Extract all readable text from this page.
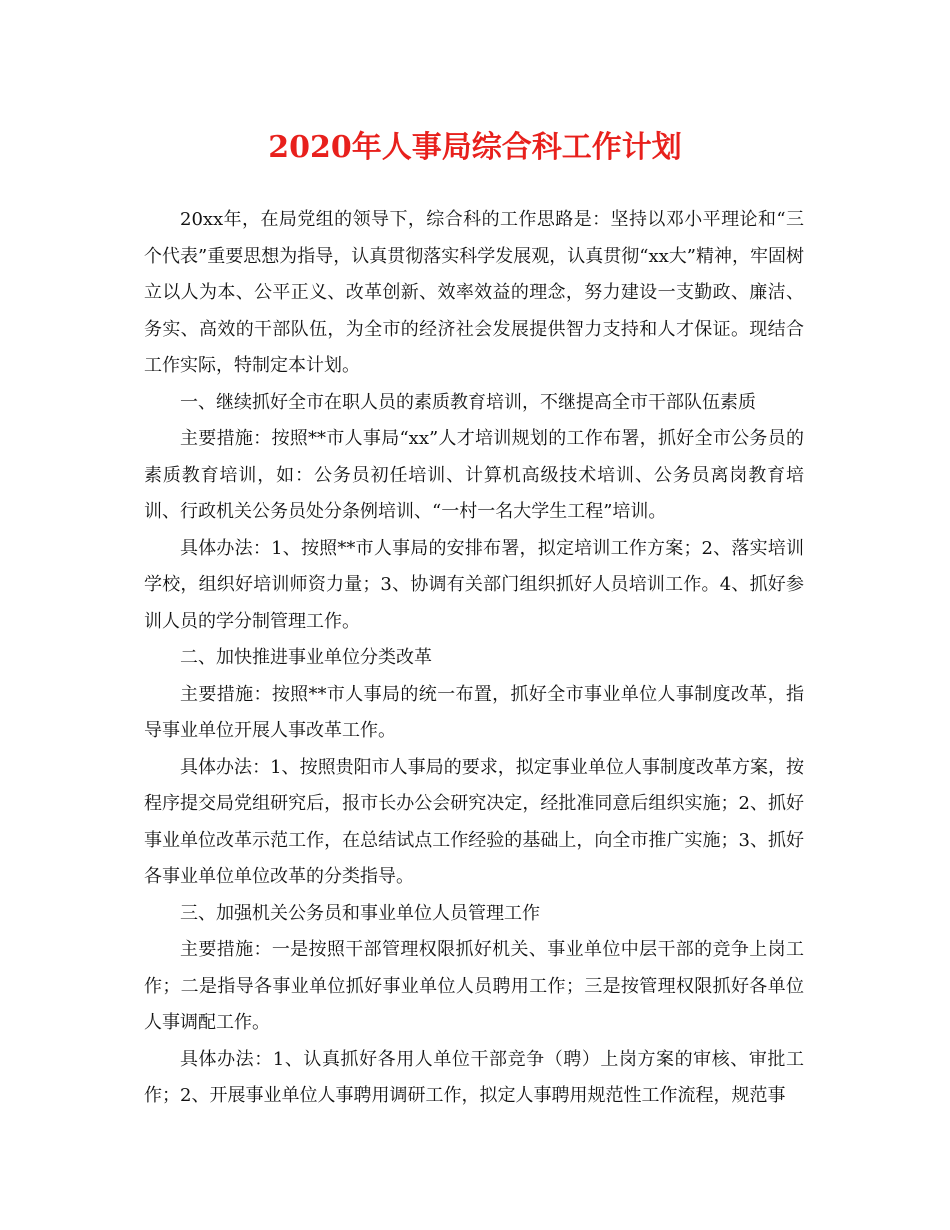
2020年人事局综合科工作计划

20xx年，在局党组的领导下，综合科的工作思路是：坚持以邓小平理论和“三个代表”重要思想为指导，认真贯彻落实科学发展观，认真贯彻“xx大”精神，牢固树立以人为本、公平正义、改革创新、效率效益的理念，努力建设一支勤政、廉洁、务实、高效的干部队伍，为全市的经济社会发展提供智力支持和人才保证。现结合工作实际，特制定本计划。

一、继续抓好全市在职人员的素质教育培训，不继提高全市干部队伍素质

主要措施：按照**市人事局“xx”人才培训规划的工作布署，抓好全市公务员的素质教育培训，如：公务员初任培训、计算机高级技术培训、公务员离岗教育培训、行政机关公务员处分条例培训、“一村一名大学生工程”培训。

具体办法：1、按照**市人事局的安排布署，拟定培训工作方案；2、落实培训学校，组织好培训师资力量；3、协调有关部门组织抓好人员培训工作。4、抓好参训人员的学分制管理工作。

二、加快推进事业单位分类改革

主要措施：按照**市人事局的统一布置，抓好全市事业单位人事制度改革，指导事业单位开展人事改革工作。

具体办法：1、按照贵阳市人事局的要求，拟定事业单位人事制度改革方案，按程序提交局党组研究后，报市长办公会研究决定，经批准同意后组织实施；2、抓好事业单位改革示范工作，在总结试点工作经验的基础上，向全市推广实施；3、抓好各事业单位单位改革的分类指导。

三、加强机关公务员和事业单位人员管理工作

主要措施：一是按照干部管理权限抓好机关、事业单位中层干部的竞争上岗工作；二是指导各事业单位抓好事业单位人员聘用工作；三是按管理权限抓好各单位人事调配工作。

具体办法：1、认真抓好各用人单位干部竞争（聘）上岗方案的审核、审批工作；2、开展事业单位人事聘用调研工作，拟定人事聘用规范性工作流程，规范事
